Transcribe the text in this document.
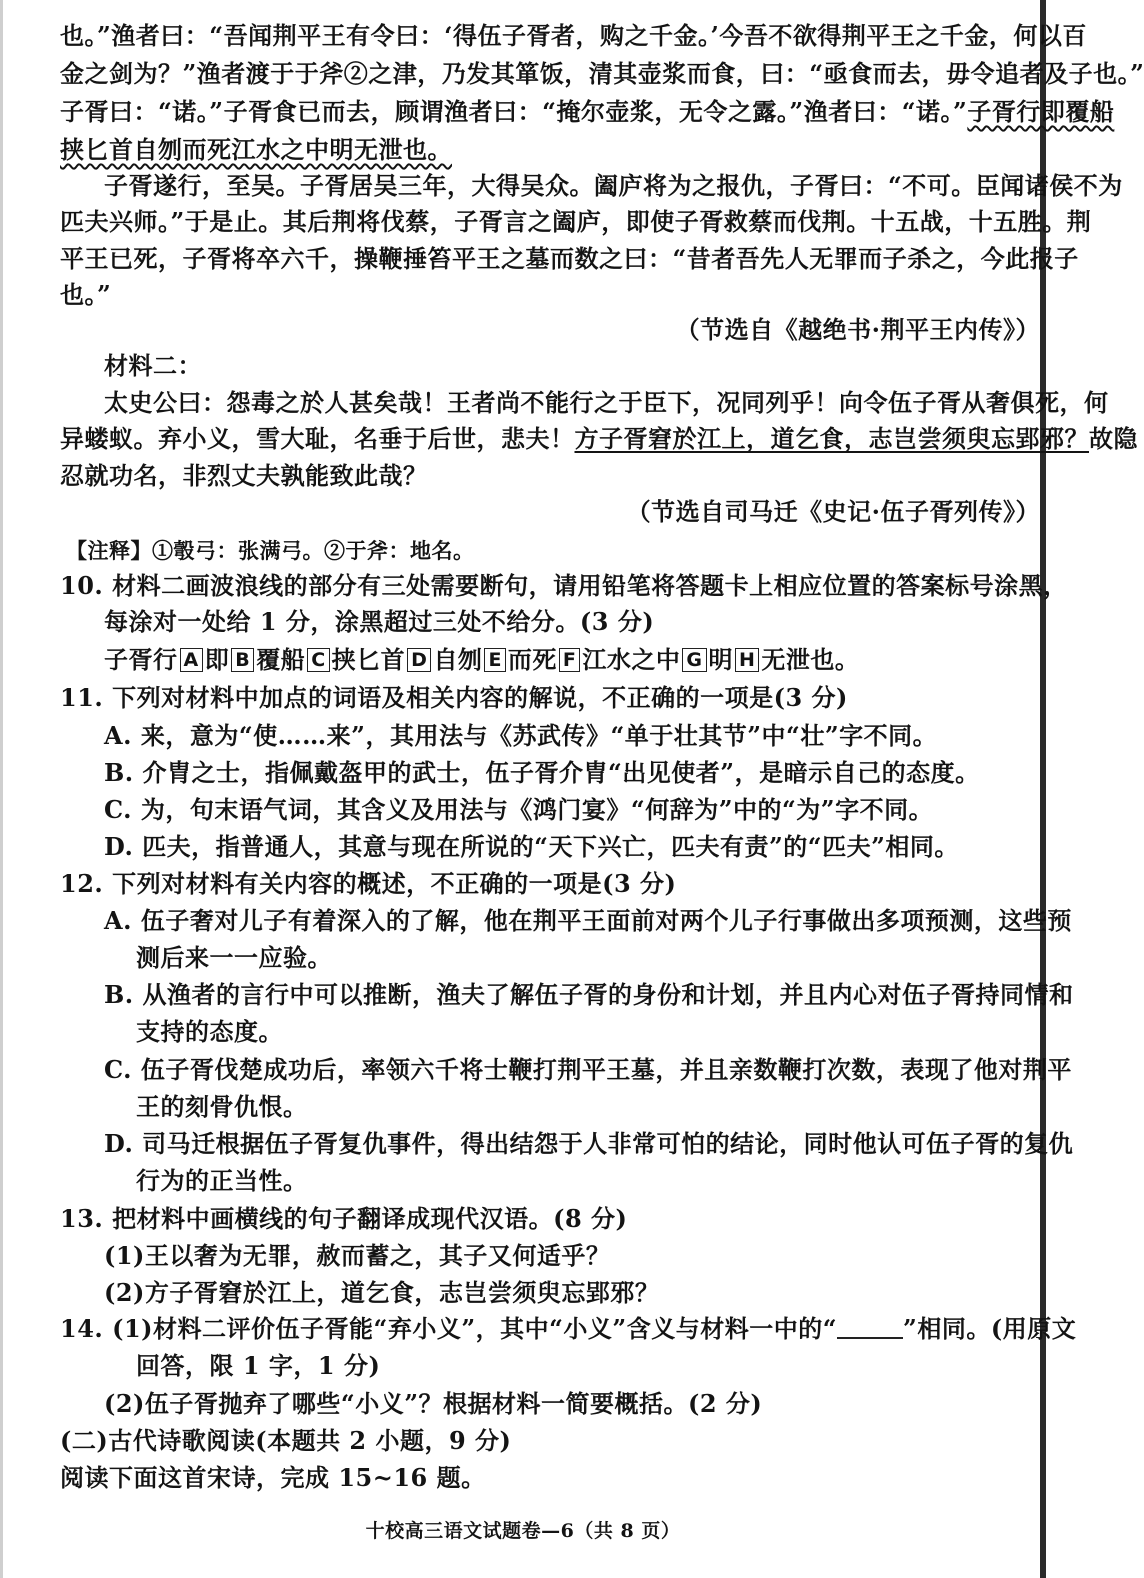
也。”渔者曰：“吾闻荆平王有令曰：‘得伍子胥者，购之千金。’今吾不欲得荆平王之千金，何以百
金之剑为？”渔者渡于于斧②之津，乃发其箪饭，清其壶浆而食，曰：“亟食而去，毋令追者及子也。”
子胥曰：“诺。”子胥食已而去，顾谓渔者曰：“掩尔壶浆，无令之露。”渔者曰：“诺。”子胥行即覆船
挟匕首自刎而死江水之中明无泄也。
子胥遂行，至吴。子胥居吴三年，大得吴众。阖庐将为之报仇，子胥曰：“不可。臣闻诸侯不为
匹夫兴师。”于是止。其后荆将伐蔡，子胥言之阖庐，即使子胥救蔡而伐荆。十五战，十五胜。荆
平王已死，子胥将卒六千，操鞭捶笞平王之墓而数之曰：“昔者吾先人无罪而子杀之，今此报子
也。”
（节选自《越绝书·荆平王内传》）
材料二：
太史公曰：怨毒之於人甚矣哉！王者尚不能行之于臣下，况同列乎！向令伍子胥从奢俱死，何
异蝼蚁。弃小义，雪大耻，名垂于后世，悲夫！方子胥窘於江上，道乞食，志岂尝须臾忘郢邪？故隐
忍就功名，非烈丈夫孰能致此哉？
（节选自司马迁《史记·伍子胥列传》）
【注释】①彀弓：张满弓。②于斧：地名。
10. 材料二画波浪线的部分有三处需要断句，请用铅笔将答题卡上相应位置的答案标号涂黑，
每涂对一处给 1 分，涂黑超过三处不给分。(3 分)
子胥行 A 即 B 覆船 C 挟匕首 D 自刎 E 而死 F 江水之中 G 明 H 无泄也。
11. 下列对材料中加点的词语及相关内容的解说，不正确的一项是(3 分)
A. 来，意为“使……来”，其用法与《苏武传》“单于壮其节”中“壮”字不同。
B. 介胄之士，指佩戴盔甲的武士，伍子胥介胄“出见使者”，是暗示自己的态度。
C. 为，句末语气词，其含义及用法与《鸿门宴》“何辞为”中的“为”字不同。
D. 匹夫，指普通人，其意与现在所说的“天下兴亡，匹夫有责”的“匹夫”相同。
12. 下列对材料有关内容的概述，不正确的一项是(3 分)
A. 伍子奢对儿子有着深入的了解，他在荆平王面前对两个儿子行事做出多项预测，这些预
测后来一一应验。
B. 从渔者的言行中可以推断，渔夫了解伍子胥的身份和计划，并且内心对伍子胥持同情和
支持的态度。
C. 伍子胥伐楚成功后，率领六千将士鞭打荆平王墓，并且亲数鞭打次数，表现了他对荆平
王的刻骨仇恨。
D. 司马迁根据伍子胥复仇事件，得出结怨于人非常可怕的结论，同时他认可伍子胥的复仇
行为的正当性。
13. 把材料中画横线的句子翻译成现代汉语。(8 分)
(1)王以奢为无罪，赦而蓄之，其子又何适乎？
(2)方子胥窘於江上，道乞食，志岂尝须臾忘郢邪？
14. (1)材料二评价伍子胥能“弃小义”，其中“小义”含义与材料一中的“	”相同。(用原文
回答，限 1 字，1 分)
(2)伍子胥抛弃了哪些“小义”？根据材料一简要概括。(2 分)
(二)古代诗歌阅读(本题共 2 小题，9 分)
阅读下面这首宋诗，完成 15~16 题。
十校高三语文试题卷—6（共 8 页）
